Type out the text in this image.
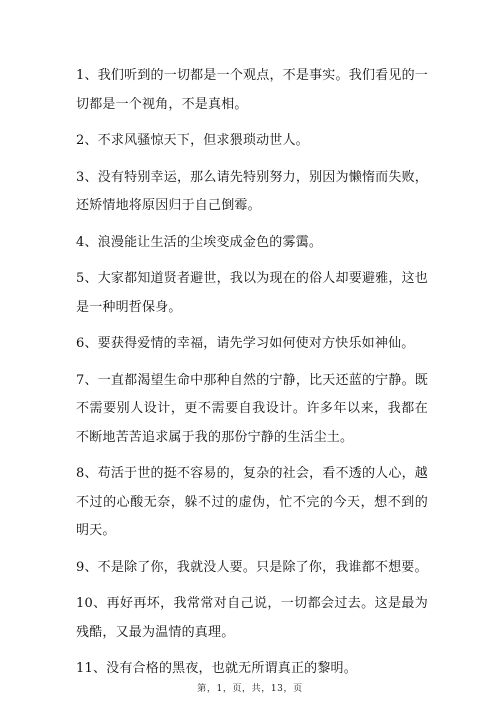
1、我们听到的一切都是一个观点，不是事实。我们看见的一切都是一个视角，不是真相。

2、不求风骚惊天下，但求猥琐动世人。

3、没有特别幸运，那么请先特别努力，别因为懒惰而失败，还矫情地将原因归于自己倒霉。

4、浪漫能让生活的尘埃变成金色的雾霭。

5、大家都知道贤者避世，我以为现在的俗人却要避雅，这也是一种明哲保身。

6、要获得爱情的幸福，请先学习如何使对方快乐如神仙。

7、一直都渴望生命中那种自然的宁静，比天还蓝的宁静。既不需要别人设计，更不需要自我设计。许多年以来，我都在不断地苦苦追求属于我的那份宁静的生活尘土。

8、苟活于世的挺不容易的，复杂的社会，看不透的人心，越不过的心酸无奈，躲不过的虚伪，忙不完的今天，想不到的明天。

9、不是除了你，我就没人要。只是除了你，我谁都不想要。

10、再好再坏，我常常对自己说，一切都会过去。这是最为残酷，又最为温情的真理。

11、没有合格的黑夜，也就无所谓真正的黎明。

第，1，页，共，13，页
